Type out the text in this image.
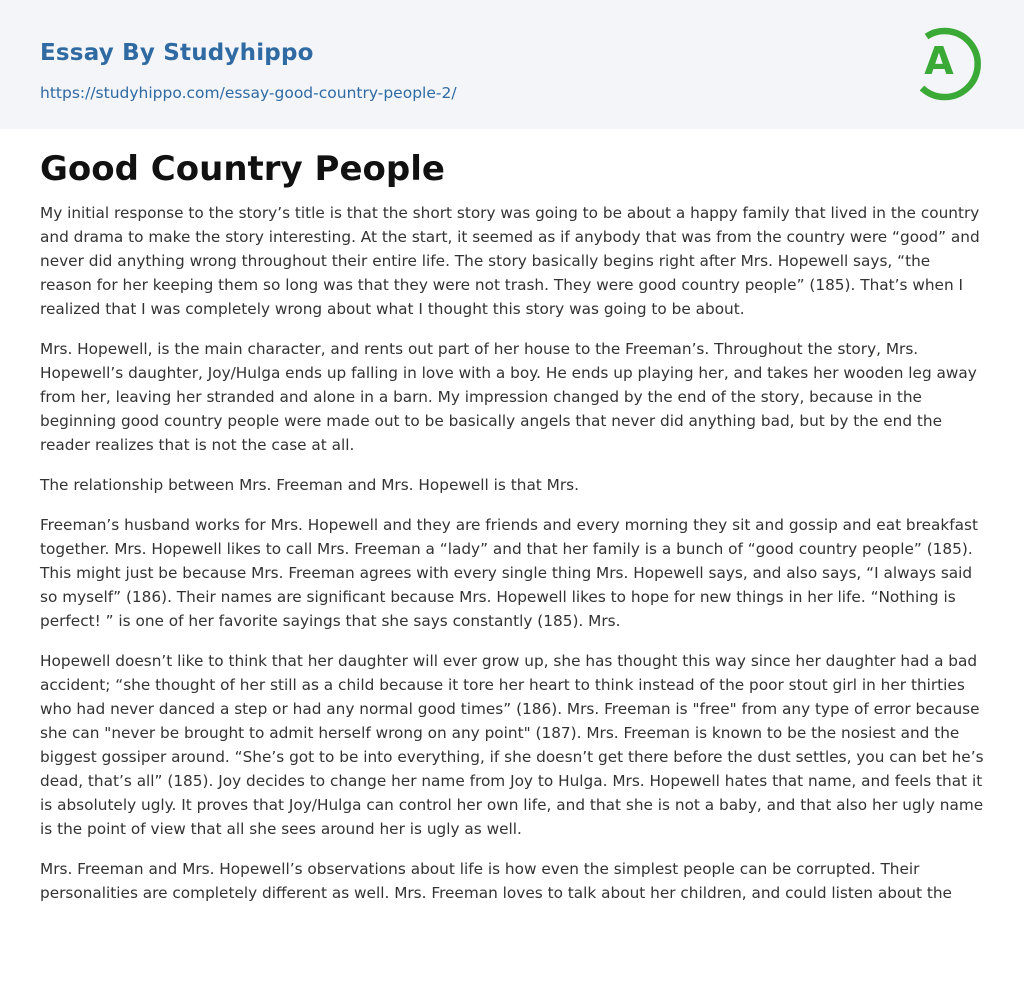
Essay By Studyhippo
https://studyhippo.com/essay-good-country-people-2/
A
Good Country People

My initial response to the story’s title is that the short story was going to be about a happy family that lived in the country and drama to make the story interesting. At the start, it seemed as if anybody that was from the country were “good” and never did anything wrong throughout their entire life. The story basically begins right after Mrs. Hopewell says, “the reason for her keeping them so long was that they were not trash. They were good country people” (185). That’s when I realized that I was completely wrong about what I thought this story was going to be about.

Mrs. Hopewell, is the main character, and rents out part of her house to the Freeman’s. Throughout the story, Mrs. Hopewell’s daughter, Joy/Hulga ends up falling in love with a boy. He ends up playing her, and takes her wooden leg away from her, leaving her stranded and alone in a barn. My impression changed by the end of the story, because in the beginning good country people were made out to be basically angels that never did anything bad, but by the end the reader realizes that is not the case at all.

The relationship between Mrs. Freeman and Mrs. Hopewell is that Mrs.

Freeman’s husband works for Mrs. Hopewell and they are friends and every morning they sit and gossip and eat breakfast together. Mrs. Hopewell likes to call Mrs. Freeman a “lady” and that her family is a bunch of “good country people” (185). This might just be because Mrs. Freeman agrees with every single thing Mrs. Hopewell says, and also says, “I always said so myself” (186). Their names are significant because Mrs. Hopewell likes to hope for new things in her life. “Nothing is perfect! ” is one of her favorite sayings that she says constantly (185). Mrs.

Hopewell doesn’t like to think that her daughter will ever grow up, she has thought this way since her daughter had a bad accident; “she thought of her still as a child because it tore her heart to think instead of the poor stout girl in her thirties who had never danced a step or had any normal good times” (186). Mrs. Freeman is "free" from any type of error because she can "never be brought to admit herself wrong on any point" (187). Mrs. Freeman is known to be the nosiest and the biggest gossiper around. “She’s got to be into everything, if she doesn’t get there before the dust settles, you can bet he’s dead, that’s all” (185). Joy decides to change her name from Joy to Hulga. Mrs. Hopewell hates that name, and feels that it is absolutely ugly. It proves that Joy/Hulga can control her own life, and that she is not a baby, and that also her ugly name is the point of view that all she sees around her is ugly as well.

Mrs. Freeman and Mrs. Hopewell’s observations about life is how even the simplest people can be corrupted. Their personalities are completely different as well. Mrs. Freeman loves to talk about her children, and could listen about the
